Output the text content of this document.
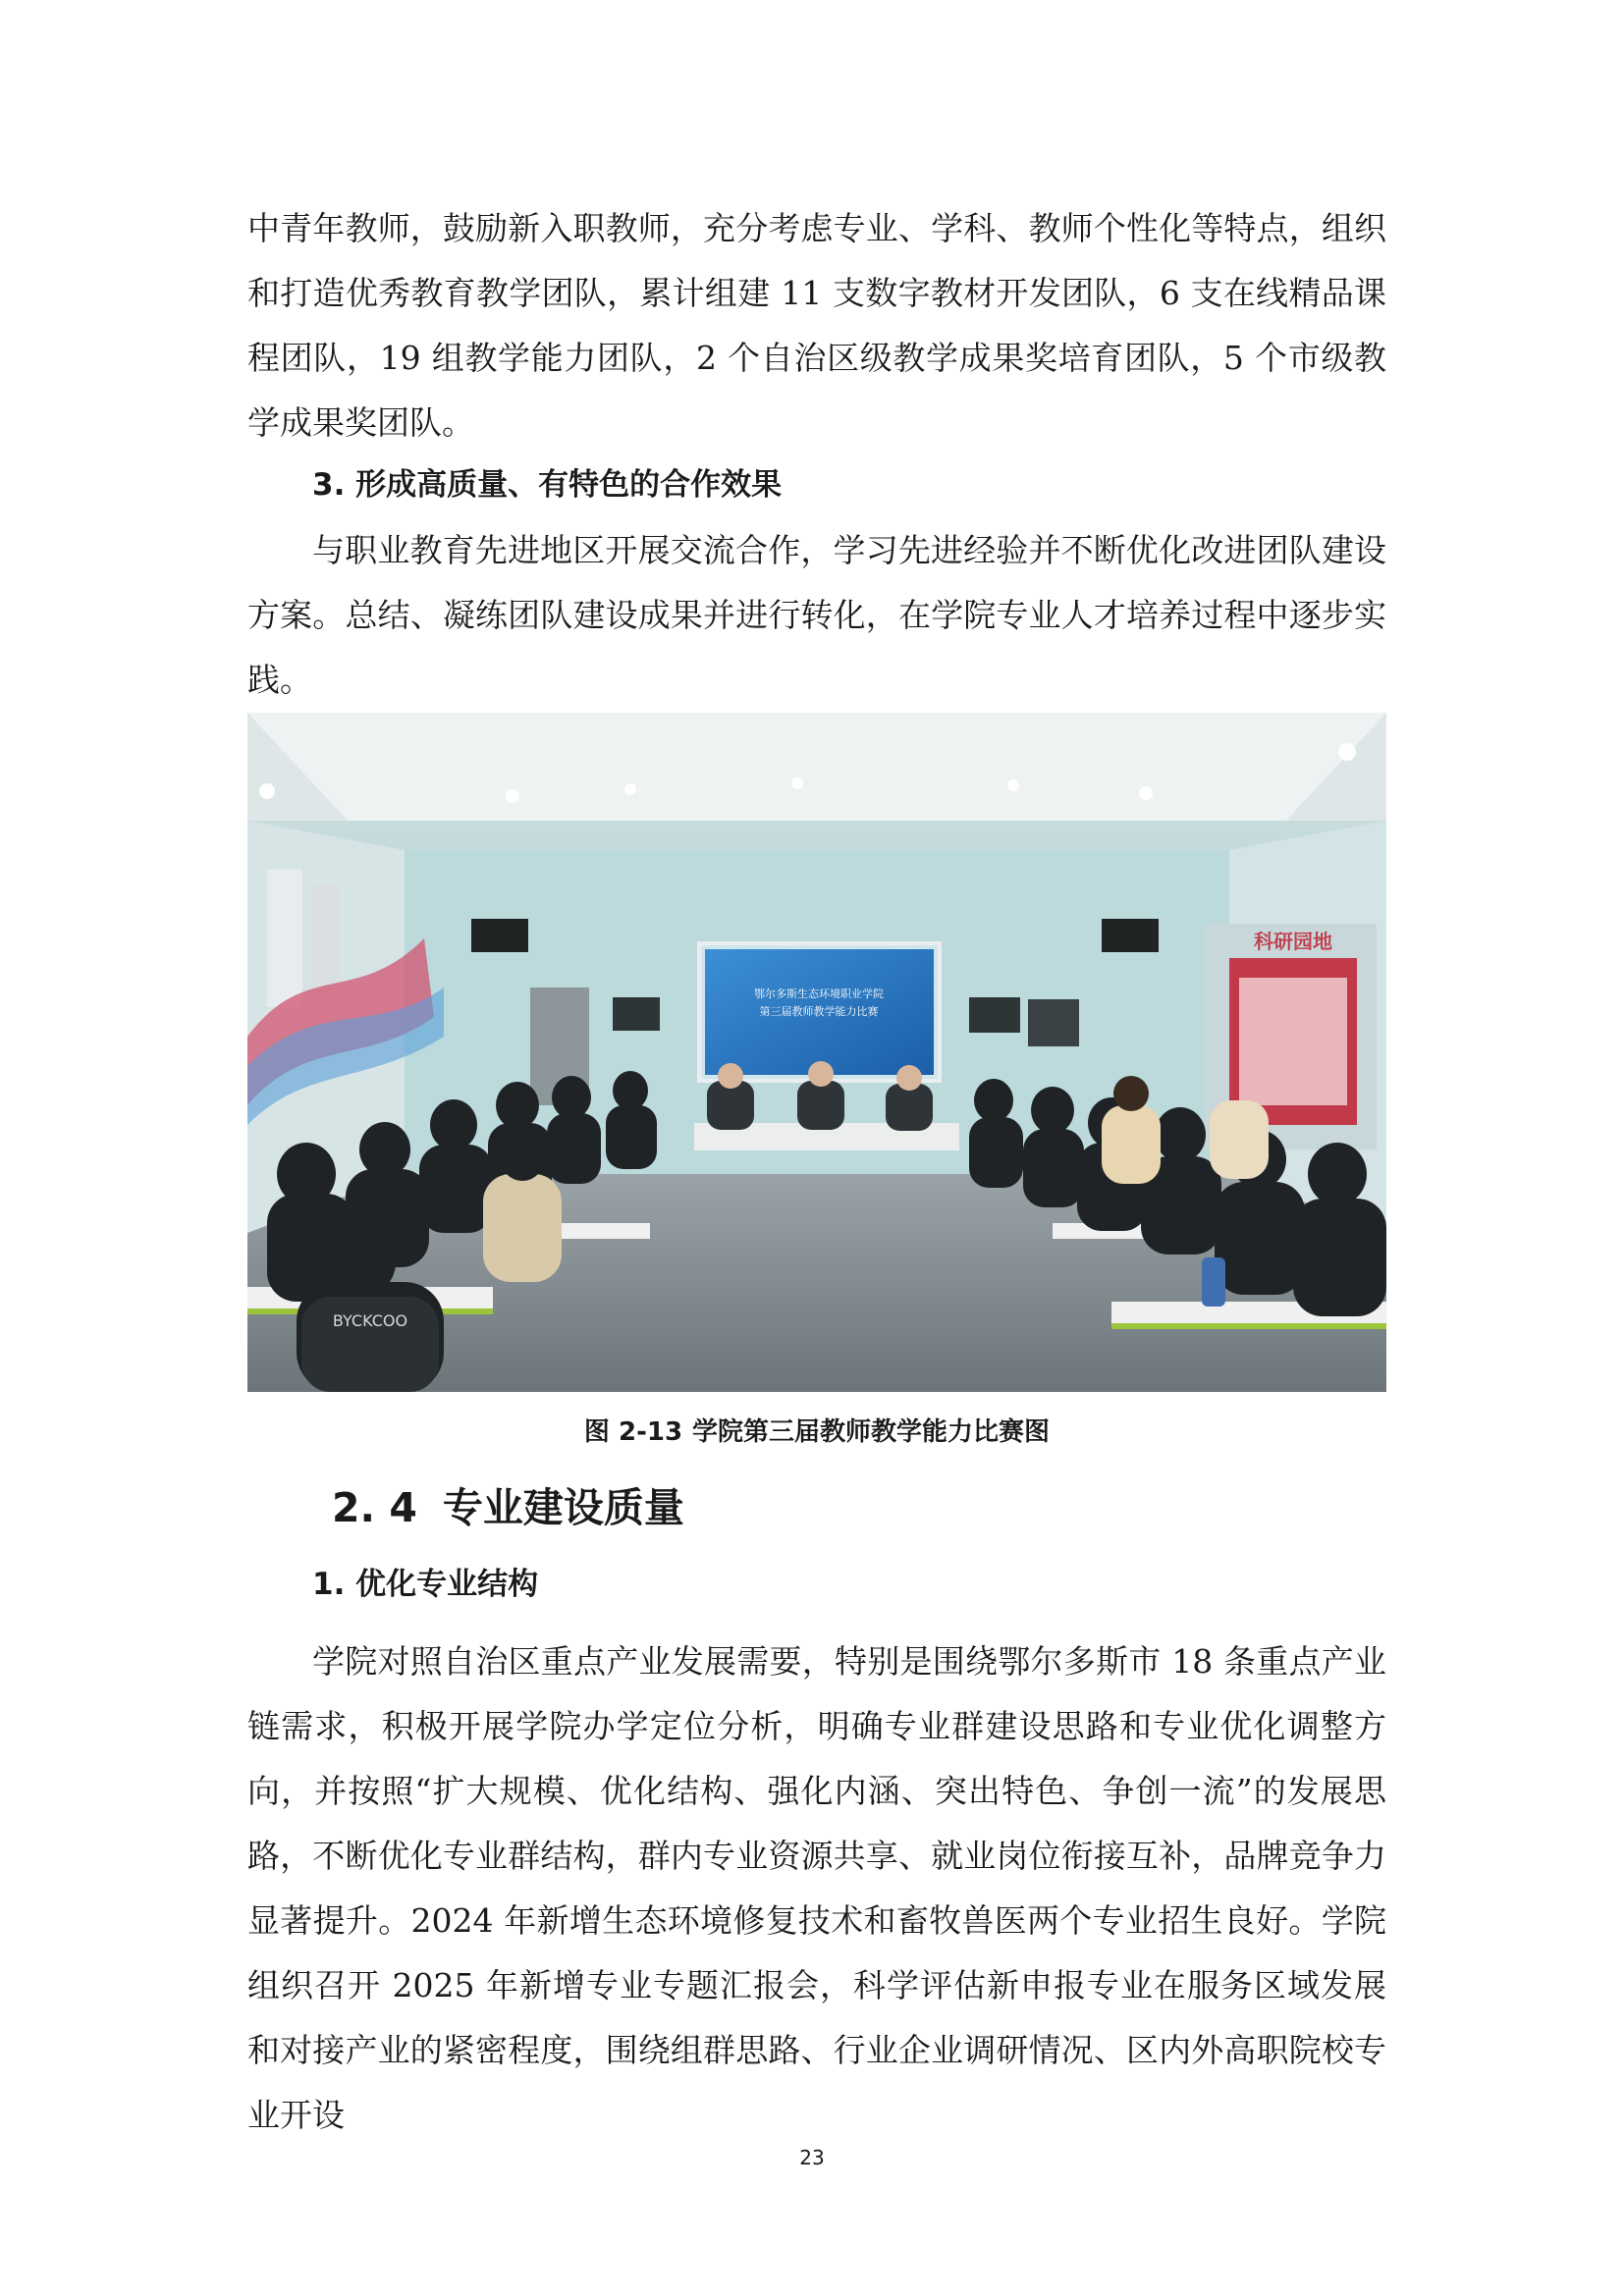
中青年教师，鼓励新入职教师，充分考虑专业、学科、教师个性化等特点，组织和打造优秀教育教学团队，累计组建 11 支数字教材开发团队，6 支在线精品课程团队，19 组教学能力团队，2 个自治区级教学成果奖培育团队，5 个市级教学成果奖团队。

3. 形成高质量、有特色的合作效果

与职业教育先进地区开展交流合作，学习先进经验并不断优化改进团队建设方案。总结、凝练团队建设成果并进行转化，在学院专业人才培养过程中逐步实践。

鄂尔多斯生态环境职业学院
第三届教师教学能力比赛
科研园地
BYCKCOO
图 2-13 学院第三届教师教学能力比赛图
2. 4 专业建设质量

1. 优化专业结构

学院对照自治区重点产业发展需要，特别是围绕鄂尔多斯市 18 条重点产业链需求，积极开展学院办学定位分析，明确专业群建设思路和专业优化调整方向，并按照“扩大规模、优化结构、强化内涵、突出特色、争创一流”的发展思路，不断优化专业群结构，群内专业资源共享、就业岗位衔接互补，品牌竞争力显著提升。2024 年新增生态环境修复技术和畜牧兽医两个专业招生良好。学院组织召开 2025 年新增专业专题汇报会，科学评估新申报专业在服务区域发展和对接产业的紧密程度，围绕组群思路、行业企业调研情况、区内外高职院校专业开设

23
